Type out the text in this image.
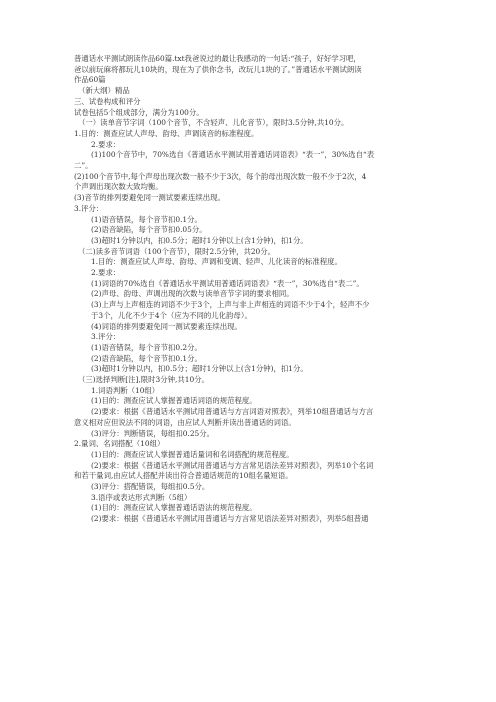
普通话水平测试朗读作品60篇.txt我爸说过的最让我感动的一句话:“孩子，好好学习吧，
爸以前玩麻将都玩儿10块的，现在为了供你念书，改玩儿1块的了。”普通话水平测试朗读
作品60篇
（新大纲）精品
三、试卷构成和评分
试卷包括5个组成部分，满分为100分。
（一）读单音节字词（100个音节，不含轻声、儿化音节），限时3.5分钟,共10分。
1.目的：测查应试人声母、韵母、声调读音的标准程度。
2.要求：
(1)100个音节中，70%选自《普通话水平测试用普通话词语表》“表一”，30%选自“表
二”。
(2)100个音节中,每个声母出现次数一般不少于3次，每个韵母出现次数一般不少于2次，4
个声调出现次数大致均衡。
(3)音节的排列要避免同一测试要素连续出现。
3.评分：
(1)语音错误，每个音节扣0.1分。
(2)语音缺陷，每个音节扣0.05分。
(3)超时1分钟以内，扣0.5分；超时1分钟以上(含1分钟)，扣1分。
（二)读多音节词语（100个音节），限时2.5分钟，共20分。
1.目的：测查应试人声母、韵母、声调和变调、轻声、儿化读音的标准程度。
2.要求：
(1)词语的70%选自《普通话水平测试用普通话词语表》“表一”，30%选自“表二”。
(2)声母、韵母、声调出现的次数与读单音节字词的要求相同。
(3)上声与上声相连的词语不少于3个，上声与非上声相连的词语不少于4个，轻声不少
于3个，儿化不少于4个（应为不同的儿化韵母）。
(4)词语的排列要避免同一测试要素连续出现。
3.评分：
(1)语音错误，每个音节扣0.2分。
(2)语音缺陷，每个音节扣0.1分。
(3)超时1分钟以内，扣0.5分；超时1分钟以上(含1分钟)，扣1分。
（三)选择判断[注],限时3分钟,共10分。
1.词语判断（10组）
(1)目的：测查应试人掌握普通话词语的规范程度。
(2)要求：根据《普通话水平测试用普通话与方言词语对照表》，列举10组普通话与方言
意义相对应但说法不同的词语，由应试人判断并读出普通话的词语。
(3)评分：判断错误，每组扣0.25分。
2.量词、名词搭配（10组）
(1)目的：测查应试人掌握普通话量词和名词搭配的规范程度。
(2)要求：根据《普通话水平测试用普通话与方言常见语法差异对照表》，列举10个名词
和若干量词,由应试人搭配并读出符合普通话规范的10组名量短语。
(3)评分：搭配错误，每组扣0.5分。
3.语序或表达形式判断（5组）
(1)目的：测查应试人掌握普通话语法的规范程度。
(2)要求：根据《普通话水平测试用普通话与方言常见语法差异对照表》，列举5组普通
